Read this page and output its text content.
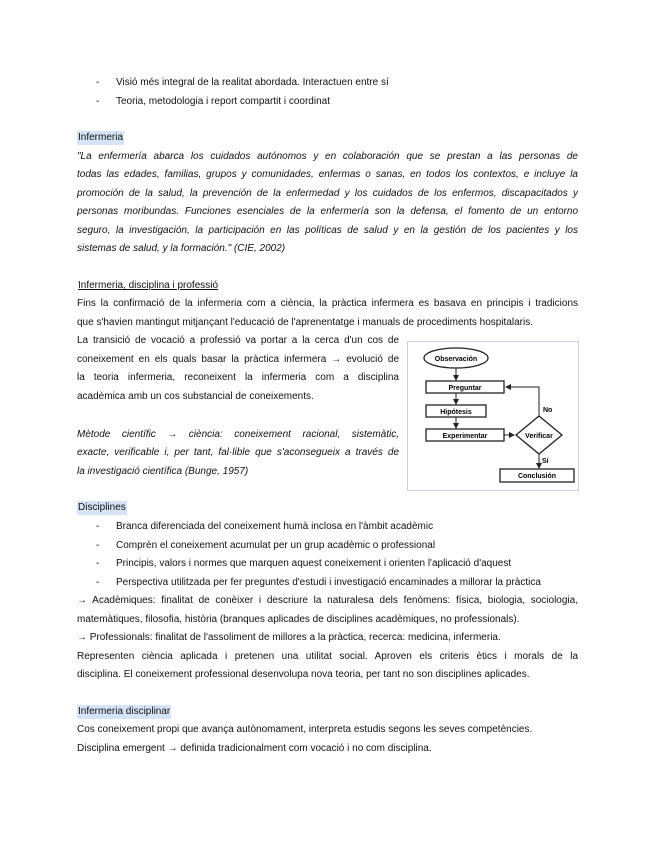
- Visió més integral de la realitat abordada. Interactuen entre sí
- Teoria, metodologia i report compartit i coordinat
Infermeria
"La enfermería abarca los cuidados autónomos y en colaboración que se prestan a las personas de
todas las edades, familias, grupos y comunidades, enfermas o sanas, en todos los contextos, e incluye la
promoción de la salud, la prevención de la enfermedad y los cuidados de los enfermos, discapacitados y
personas moribundas. Funciones esenciales de la enfermería son la defensa, el fomento de un entorno
seguro, la investigación, la participación en las políticas de salud y en la gestión de los pacientes y los
sistemas de salud, y la formación." (CIE, 2002)
Infermeria, disciplina i professió
Fins la confirmació de la infermeria com a ciència, la pràctica infermera es basava en principis i tradicions
que s'havien mantingut mitjançant l'educació de l'aprenentatge i manuals de procediments hospitalaris.
La transició de vocació a professió va portar a la cerca d'un cos de
coneixement en els quals basar la pràctica infermera → evolució de
la teoria infermeria, reconeixent la infermeria com a disciplina
acadèmica amb un cos substancial de coneixements.
Mètode científic → ciència: coneixement racional, sistemàtic,
exacte, verificable i, per tant, fal·lible que s'aconsegueix a través de
la investigació científica (Bunge, 1957)
Observación
Preguntar
Hipótesis
Experimentar	Verificar
No
Sí
Conclusión
Disciplines
- Branca diferenciada del coneixement humà inclosa en l'àmbit acadèmic
- Comprèn el coneixement acumulat per un grup acadèmic o professional
- Principis, valors i normes que marquen aquest coneixement i orienten l'aplicació d'aquest
- Perspectiva utilitzada per fer preguntes d'estudi i investigació encaminades a millorar la pràctica
→ Acadèmiques: finalitat de conèixer i descriure la naturalesa dels fenòmens: física, biologia, sociologia,
matemàtiques, filosofia, història (branques aplicades de disciplines acadèmiques, no professionals).
→ Professionals: finalitat de l'assoliment de millores a la pràctica, recerca: medicina, infermeria.
Representen ciència aplicada i pretenen una utilitat social. Aproven els criteris ètics i morals de la
disciplina. El coneixement professional desenvolupa nova teoria, per tant no son disciplines aplicades.
Infermeria disciplinar
Cos coneixement propi que avança autònomament, interpreta estudis segons les seves competències.
Disciplina emergent → definida tradicionalment com vocació i no com disciplina.
